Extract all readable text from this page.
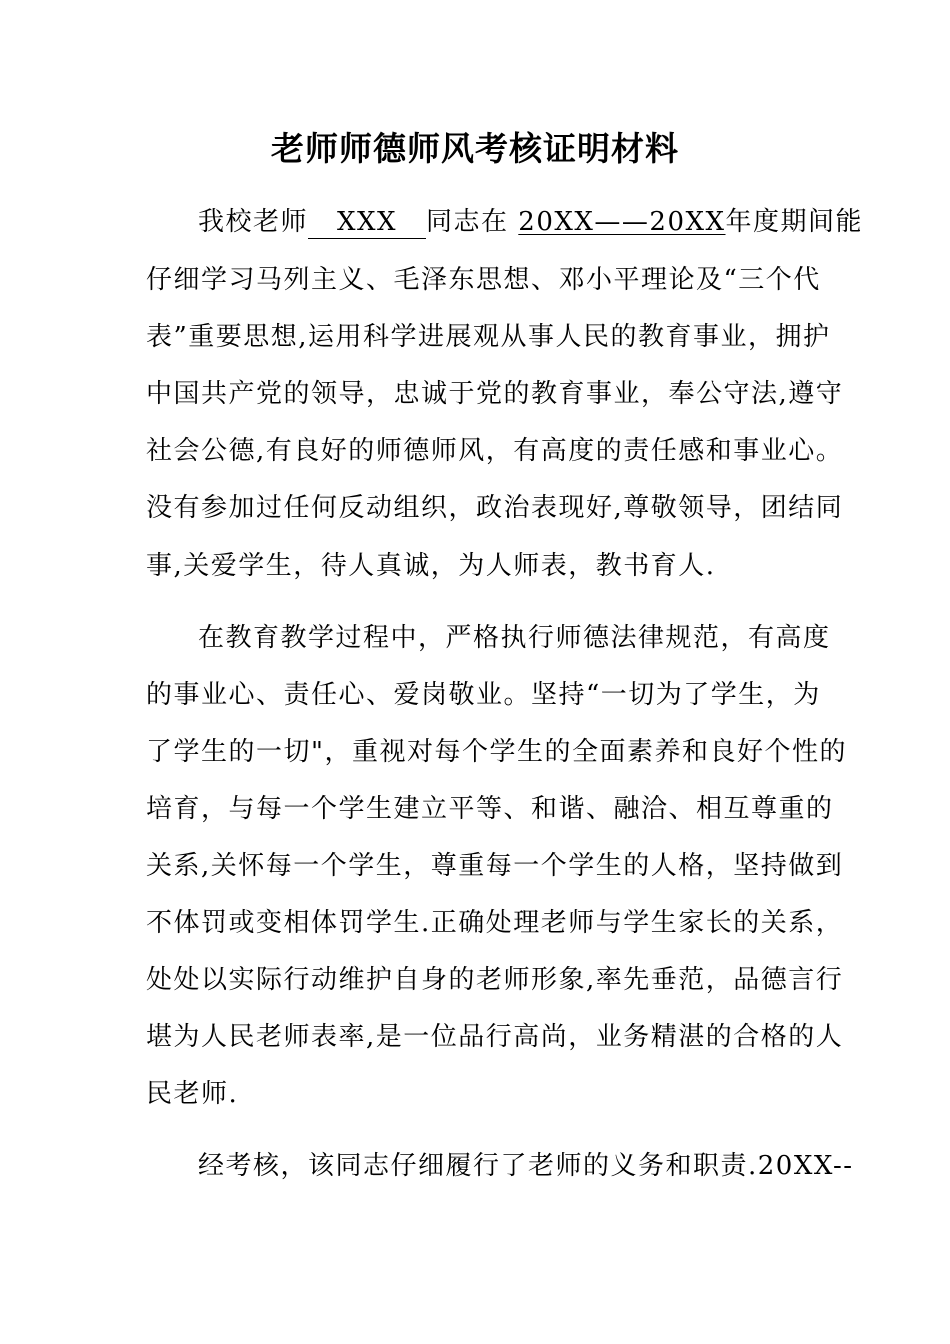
老师师德师风考核证明材料
我校老师 XXX 同志在 20XX——20XX年度期间能
仔细学习马列主义、毛泽东思想、邓小平理论及“三个代
表”重要思想,运用科学进展观从事人民的教育事业，拥护
中国共产党的领导，忠诚于党的教育事业，奉公守法,遵守
社会公德,有良好的师德师风，有高度的责任感和事业心。
没有参加过任何反动组织，政治表现好,尊敬领导，团结同
事,关爱学生，待人真诚，为人师表，教书育人.
在教育教学过程中，严格执行师德法律规范，有高度
的事业心、责任心、爱岗敬业。坚持“一切为了学生，为
了学生的一切"，重视对每个学生的全面素养和良好个性的
培育，与每一个学生建立平等、和谐、融洽、相互尊重的
关系,关怀每一个学生，尊重每一个学生的人格，坚持做到
不体罚或变相体罚学生.正确处理老师与学生家长的关系，
处处以实际行动维护自身的老师形象,率先垂范，品德言行
堪为人民老师表率,是一位品行高尚，业务精湛的合格的人
民老师.
经考核，该同志仔细履行了老师的义务和职责.20XX--
